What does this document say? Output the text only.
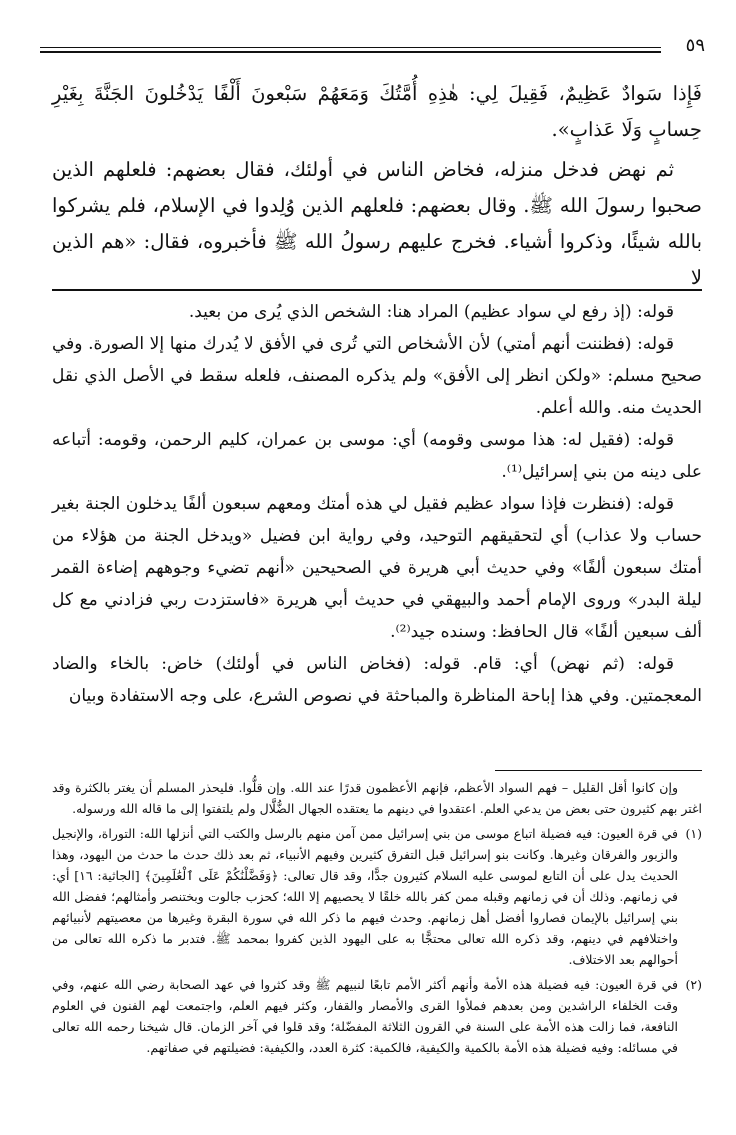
٥٩

فَإِذا سَوادٌ عَظِيمٌ، فَقِيلَ لِي: هٰذِهِ أُمَّتُكَ وَمَعَهُمْ سَبْعونَ أَلْفًا يَدْخُلونَ الجَنَّةَ بِغَيْرِ حِسابٍ وَلَا عَذابٍ».

ثم نهض فدخل منزله، فخاض الناس في أولئك، فقال بعضهم: فلعلهم الذين صحبوا رسولَ الله ﷺ. وقال بعضهم: فلعلهم الذين وُلِدوا في الإسلام، فلم يشركوا بالله شيئًا، وذكروا أشياء. فخرج عليهم رسولُ الله ﷺ فأخبروه، فقال: «هم الذين لا

قوله: (إذ رفع لي سواد عظيم) المراد هنا: الشخص الذي يُرى من بعيد.

قوله: (فظننت أنهم أمتي) لأن الأشخاص التي تُرى في الأفق لا يُدرك منها إلا الصورة. وفي صحيح مسلم: «ولكن انظر إلى الأفق» ولم يذكره المصنف، فلعله سقط في الأصل الذي نقل الحديث منه. والله أعلم.

قوله: (فقيل له: هذا موسى وقومه) أي: موسى بن عمران، كليم الرحمن، وقومه: أتباعه على دينه من بني إسرائيل⁽¹⁾.

قوله: (فنظرت فإذا سواد عظيم فقيل لي هذه أمتك ومعهم سبعون ألفًا يدخلون الجنة بغير حساب ولا عذاب) أي لتحقيقهم التوحيد، وفي رواية ابن فضيل «ويدخل الجنة من هؤلاء من أمتك سبعون ألفًا» وفي حديث أبي هريرة في الصحيحين «أنهم تضيء وجوههم إضاءة القمر ليلة البدر» وروى الإمام أحمد والبيهقي في حديث أبي هريرة «فاستزدت ربي فزادني مع كل ألف سبعين ألفًا» قال الحافظ: وسنده جيد⁽²⁾.

قوله: (ثم نهض) أي: قام. قوله: (فخاض الناس في أولئك) خاض: بالخاء والضاد المعجمتين. وفي هذا إباحة المناظرة والمباحثة في نصوص الشرع، على وجه الاستفادة وبيان

وإن كانوا أقل القليل – فهم السواد الأعظم، فإنهم الأعظمون قدرًا عند الله. وإن قلُّوا. فليحذر المسلم أن يغتر بالكثرة وقد اغتر بهم كثيرون حتى بعض من يدعي العلم. اعتقدوا في دينهم ما يعتقده الجهال الضُّلَّال ولم يلتفتوا إلى ما قاله الله ورسوله.

(١)
في قرة العيون: فيه فضيلة اتباع موسى من بني إسرائيل ممن آمن منهم بالرسل والكتب التي أنزلها الله: التوراة، والإنجيل والزبور والفرقان وغيرها. وكانت بنو إسرائيل قبل التفرق كثيرين وفيهم الأنبياء، ثم بعد ذلك حدث ما حدث من اليهود، وهذا الحديث يدل على أن التابع لموسى عليه السلام كثيرون جدًّا، وقد قال تعالى: ﴿وَفَضَّلْنَٰكُمْ عَلَى ٱلْعَٰلَمِينَ﴾ [الجاثية: ١٦] أي: في زمانهم. وذلك أن في زمانهم وقبله ممن كفر بالله خلقًا لا يحصيهم إلا الله؛ كحزب جالوت وبختنصر وأمثالهم؛ ففضل الله بني إسرائيل بالإيمان فصاروا أفضل أهل زمانهم. وحدث فيهم ما ذكر الله في سورة البقرة وغيرها من معصيتهم لأنبيائهم واختلافهم في دينهم، وقد ذكره الله تعالى محتجًّا به على اليهود الذين كفروا بمحمد ﷺ. فتدبر ما ذكره الله تعالى من أحوالهم بعد الاختلاف.

(٢)
في قرة العيون: فيه فضيلة هذه الأمة وأنهم أكثر الأمم تابعًا لنبيهم ﷺ وقد كثروا في عهد الصحابة رضي الله عنهم، وفي وقت الخلفاء الراشدين ومن بعدهم فملأوا القرى والأمصار والقفار، وكثر فيهم العلم، واجتمعت لهم الفنون في العلوم النافعة، فما زالت هذه الأمة على السنة في القرون الثلاثة المفضّلة؛ وقد قلوا في آخر الزمان. قال شيخنا رحمه الله تعالى في مسائله: وفيه فضيلة هذه الأمة بالكمية والكيفية، فالكمية: كثرة العدد، والكيفية: فضيلتهم في صفاتهم.
